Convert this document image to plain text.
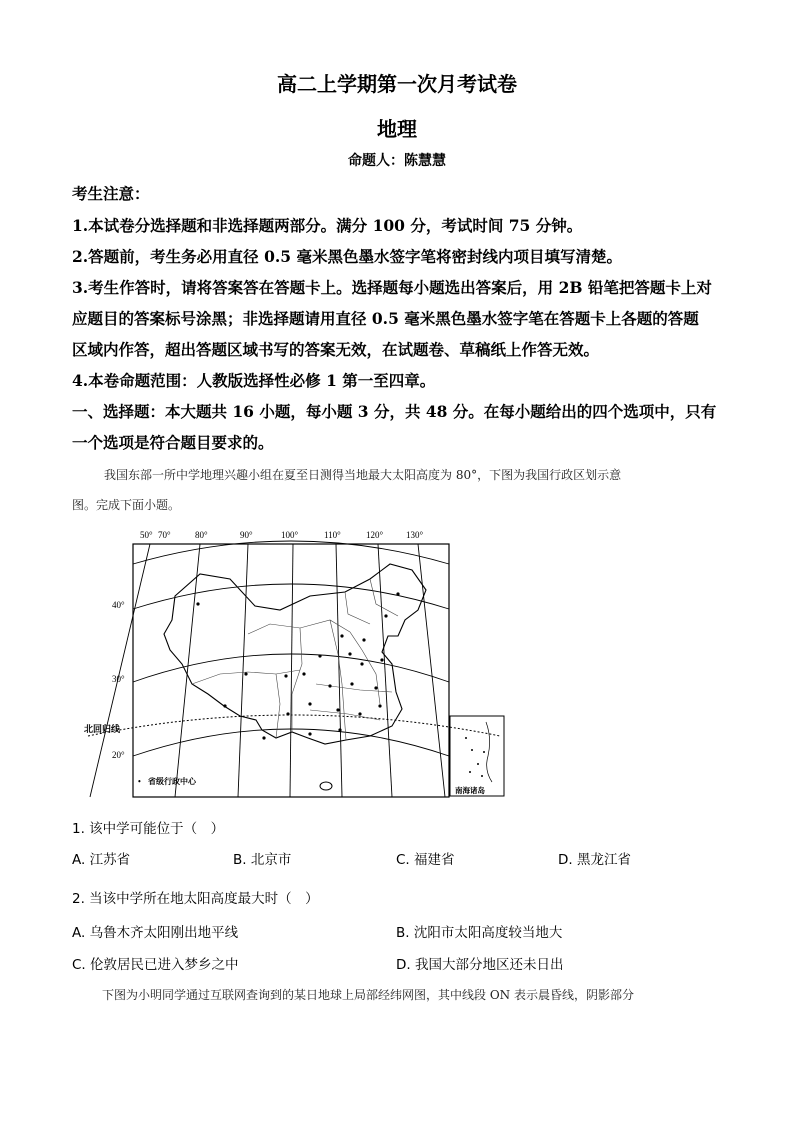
高二上学期第一次月考试卷
地理
命题人：陈慧慧
考生注意：
1.本试卷分选择题和非选择题两部分。满分 100 分，考试时间 75 分钟。
2.答题前，考生务必用直径 0.5 毫米黑色墨水签字笔将密封线内项目填写清楚。
3.考生作答时，请将答案答在答题卡上。选择题每小题选出答案后，用 2B 铅笔把答题卡上对
应题目的答案标号涂黑；非选择题请用直径 0.5 毫米黑色墨水签字笔在答题卡上各题的答题
区域内作答，超出答题区域书写的答案无效，在试题卷、草稿纸上作答无效。
4.本卷命题范围：人教版选择性必修 1 第一至四章。
一、选择题：本大题共 16 小题，每小题 3 分，共 48 分。在每小题给出的四个选项中，只有
一个选项是符合题目要求的。
我国东部一所中学地理兴趣小组在夏至日测得当地最大太阳高度为 80°，下图为我国行政区划示意
图。完成下面小题。
50° 70°	80°	90°	100°	110°	120°	130°
40°
30°
20°
北回归线
• 省级行政中心
南海诸岛
1. 该中学可能位于（　）
A. 江苏省	B. 北京市	C. 福建省	D. 黑龙江省
2. 当该中学所在地太阳高度最大时（　）
A. 乌鲁木齐太阳刚出地平线	B. 沈阳市太阳高度较当地大
C. 伦敦居民已进入梦乡之中	D. 我国大部分地区还未日出
下图为小明同学通过互联网查询到的某日地球上局部经纬网图，其中线段 ON 表示晨昏线，阴影部分
